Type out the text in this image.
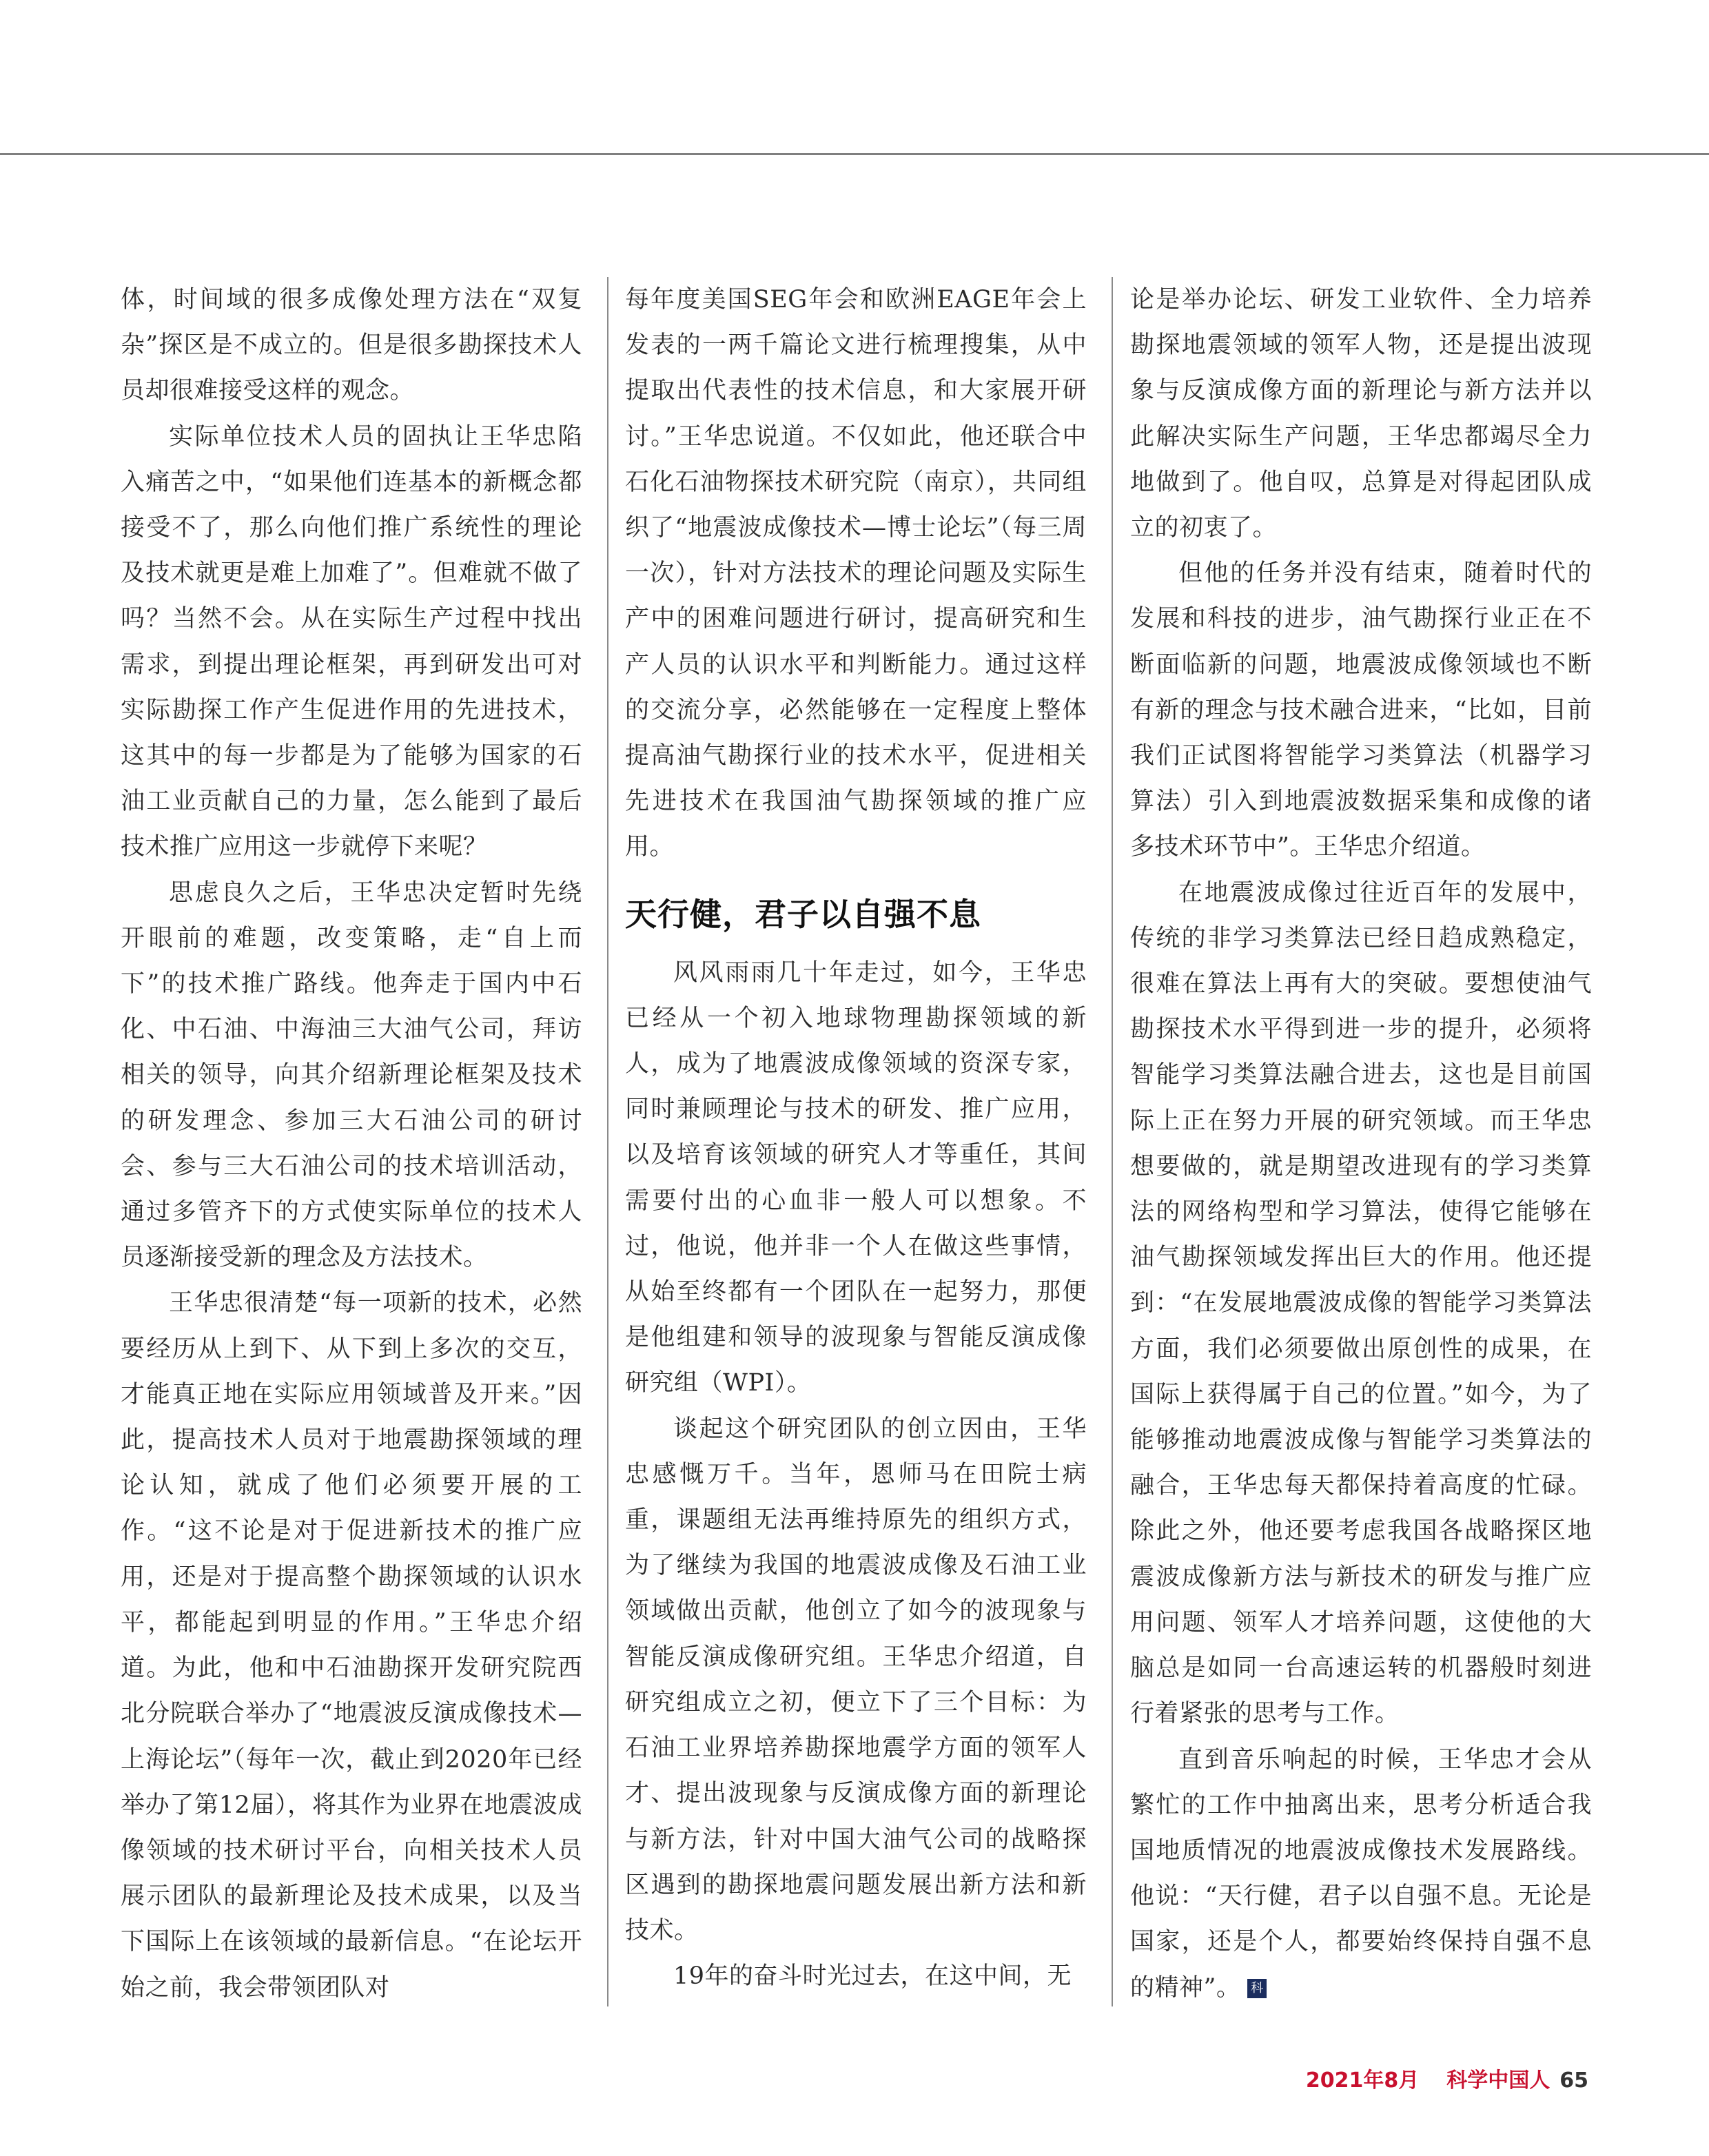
体，时间域的很多成像处理方法在“双复杂”探区是不成立的。但是很多勘探技术人员却很难接受这样的观念。

实际单位技术人员的固执让王华忠陷入痛苦之中，“如果他们连基本的新概念都接受不了，那么向他们推广系统性的理论及技术就更是难上加难了”。但难就不做了吗？当然不会。从在实际生产过程中找出需求，到提出理论框架，再到研发出可对实际勘探工作产生促进作用的先进技术，这其中的每一步都是为了能够为国家的石油工业贡献自己的力量，怎么能到了最后技术推广应用这一步就停下来呢？

思虑良久之后，王华忠决定暂时先绕开眼前的难题，改变策略，走“自上而下”的技术推广路线。他奔走于国内中石化、中石油、中海油三大油气公司，拜访相关的领导，向其介绍新理论框架及技术的研发理念、参加三大石油公司的研讨会、参与三大石油公司的技术培训活动，通过多管齐下的方式使实际单位的技术人员逐渐接受新的理念及方法技术。

王华忠很清楚“每一项新的技术，必然要经历从上到下、从下到上多次的交互，才能真正地在实际应用领域普及开来。”因此，提高技术人员对于地震勘探领域的理论认知，就成了他们必须要开展的工作。“这不论是对于促进新技术的推广应用，还是对于提高整个勘探领域的认识水平，都能起到明显的作用。”王华忠介绍道。为此，他和中石油勘探开发研究院西北分院联合举办了“地震波反演成像技术—上海论坛”（每年一次，截止到2020年已经举办了第12届），将其作为业界在地震波成像领域的技术研讨平台，向相关技术人员展示团队的最新理论及技术成果，以及当下国际上在该领域的最新信息。“在论坛开始之前，我会带领团队对

每年度美国SEG年会和欧洲EAGE年会上发表的一两千篇论文进行梳理搜集，从中提取出代表性的技术信息，和大家展开研讨。”王华忠说道。不仅如此，他还联合中石化石油物探技术研究院（南京），共同组织了“地震波成像技术—博士论坛”（每三周一次），针对方法技术的理论问题及实际生产中的困难问题进行研讨，提高研究和生产人员的认识水平和判断能力。通过这样的交流分享，必然能够在一定程度上整体提高油气勘探行业的技术水平，促进相关先进技术在我国油气勘探领域的推广应用。

天行健，君子以自强不息

风风雨雨几十年走过，如今，王华忠已经从一个初入地球物理勘探领域的新人，成为了地震波成像领域的资深专家，同时兼顾理论与技术的研发、推广应用，以及培育该领域的研究人才等重任，其间需要付出的心血非一般人可以想象。不过，他说，他并非一个人在做这些事情，从始至终都有一个团队在一起努力，那便是他组建和领导的波现象与智能反演成像研究组（WPI）。

谈起这个研究团队的创立因由，王华忠感慨万千。当年，恩师马在田院士病重，课题组无法再维持原先的组织方式，为了继续为我国的地震波成像及石油工业领域做出贡献，他创立了如今的波现象与智能反演成像研究组。王华忠介绍道，自研究组成立之初，便立下了三个目标：为石油工业界培养勘探地震学方面的领军人才、提出波现象与反演成像方面的新理论与新方法，针对中国大油气公司的战略探区遇到的勘探地震问题发展出新方法和新技术。

19年的奋斗时光过去，在这中间，无

论是举办论坛、研发工业软件、全力培养勘探地震领域的领军人物，还是提出波现象与反演成像方面的新理论与新方法并以此解决实际生产问题，王华忠都竭尽全力地做到了。他自叹，总算是对得起团队成立的初衷了。

但他的任务并没有结束，随着时代的发展和科技的进步，油气勘探行业正在不断面临新的问题，地震波成像领域也不断有新的理念与技术融合进来，“比如，目前我们正试图将智能学习类算法（机器学习算法）引入到地震波数据采集和成像的诸多技术环节中”。王华忠介绍道。

在地震波成像过往近百年的发展中，传统的非学习类算法已经日趋成熟稳定，很难在算法上再有大的突破。要想使油气勘探技术水平得到进一步的提升，必须将智能学习类算法融合进去，这也是目前国际上正在努力开展的研究领域。而王华忠想要做的，就是期望改进现有的学习类算法的网络构型和学习算法，使得它能够在油气勘探领域发挥出巨大的作用。他还提到：“在发展地震波成像的智能学习类算法方面，我们必须要做出原创性的成果，在国际上获得属于自己的位置。”如今，为了能够推动地震波成像与智能学习类算法的融合，王华忠每天都保持着高度的忙碌。除此之外，他还要考虑我国各战略探区地震波成像新方法与新技术的研发与推广应用问题、领军人才培养问题，这使他的大脑总是如同一台高速运转的机器般时刻进行着紧张的思考与工作。

直到音乐响起的时候，王华忠才会从繁忙的工作中抽离出来，思考分析适合我国地质情况的地震波成像技术发展路线。他说：“天行健，君子以自强不息。无论是国家，还是个人，都要始终保持自强不息的精神”。 科

2021年8月 科学中国人 65
